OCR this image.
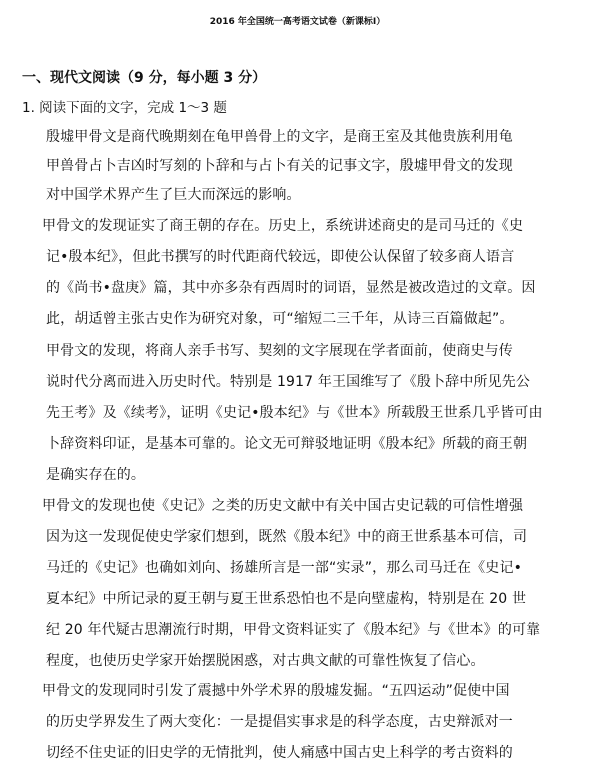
2016 年全国统一高考语文试卷（新课标Ⅰ）
一、现代文阅读（9 分，每小题 3 分）
1. 阅读下面的文字，完成 1〜3 题
殷墟甲骨文是商代晚期刻在龟甲兽骨上的文字，是商王室及其他贵族利用龟
甲兽骨占卜吉凶时写刻的卜辞和与占卜有关的记事文字，殷墟甲骨文的发现
对中国学术界产生了巨大而深远的影响。
甲骨文的发现证实了商王朝的存在。历史上，系统讲述商史的是司马迁的《史
记•殷本纪》，但此书撰写的时代距商代较远，即使公认保留了较多商人语言
的《尚书•盘庚》篇，其中亦多杂有西周时的词语，显然是被改造过的文章。因
此，胡适曾主张古史作为研究对象，可“缩短二三千年，从诗三百篇做起”。
甲骨文的发现，将商人亲手书写、契刻的文字展现在学者面前，使商史与传
说时代分离而进入历史时代。特别是 1917 年王国维写了《殷卜辞中所见先公
先王考》及《续考》，证明《史记•殷本纪》与《世本》所载殷王世系几乎皆可由
卜辞资料印证，是基本可靠的。论文无可辩驳地证明《殷本纪》所载的商王朝
是确实存在的。
甲骨文的发现也使《史记》之类的历史文献中有关中国古史记载的可信性增强
因为这一发现促使史学家们想到，既然《殷本纪》中的商王世系基本可信，司
马迁的《史记》也确如刘向、扬雄所言是一部“实录”，那么司马迁在《史记•
夏本纪》中所记录的夏王朝与夏王世系恐怕也不是向壁虚构，特别是在 20 世
纪 20 年代疑古思潮流行时期，甲骨文资料证实了《殷本纪》与《世本》的可靠
程度，也使历史学家开始摆脱困惑，对古典文献的可靠性恢复了信心。
甲骨文的发现同时引发了震撼中外学术界的殷墟发掘。“五四运动”促使中国
的历史学界发生了两大变化：一是提倡实事求是的科学态度，古史辩派对一
切经不住史证的旧史学的无情批判，使人痛感中国古史上科学的考古资料的
